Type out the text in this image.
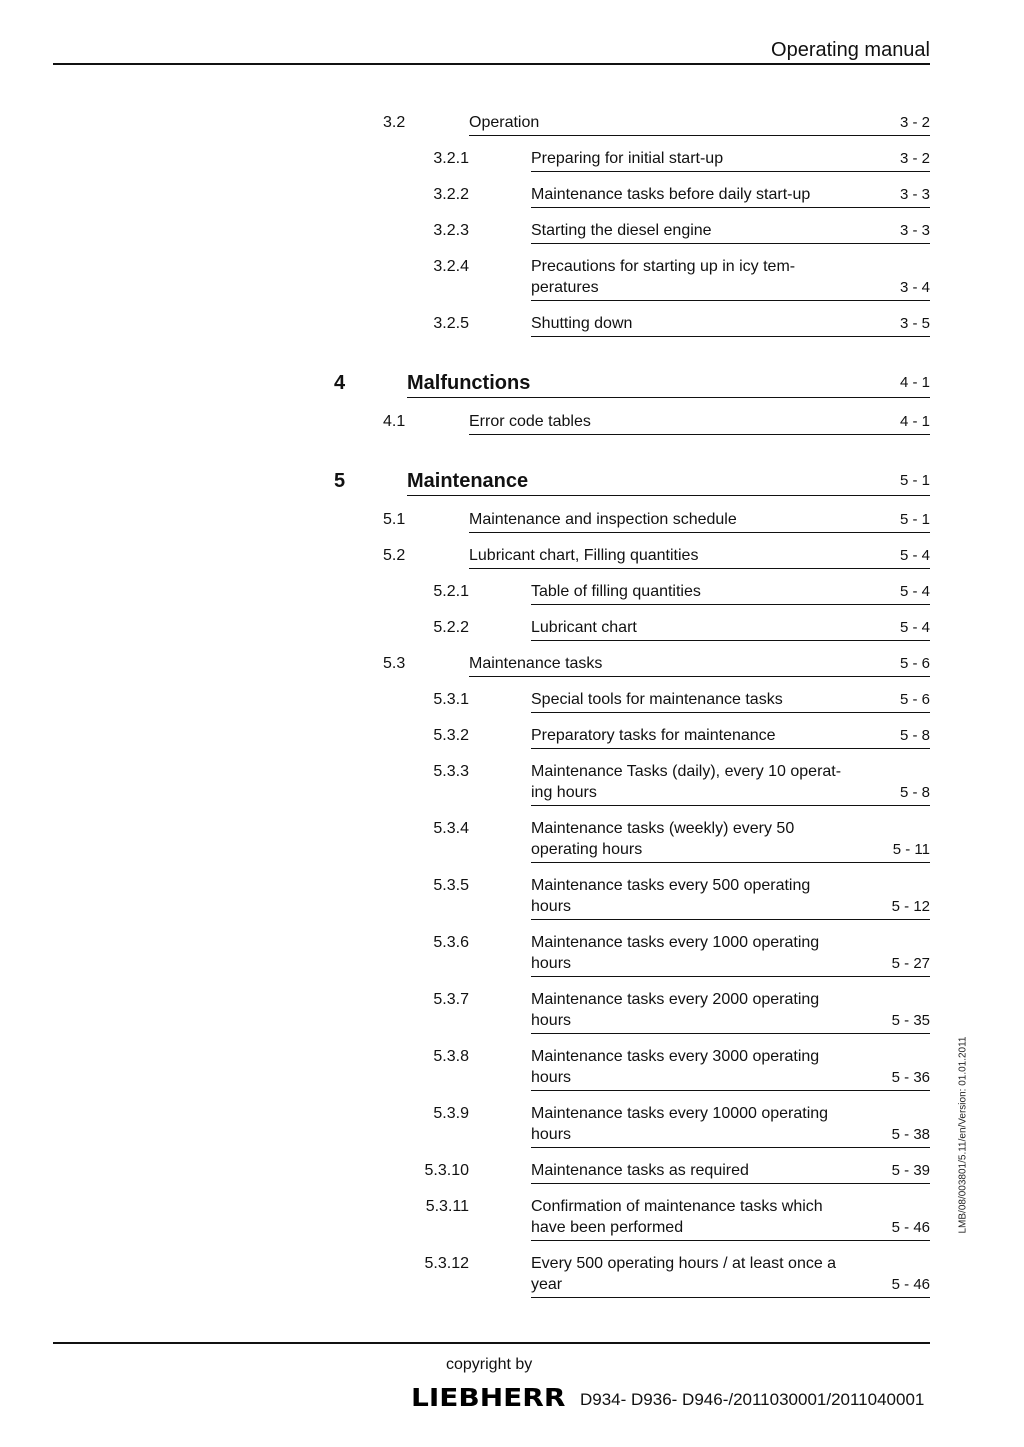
Operating manual
3.2	Operation	3 - 2
3.2.1	Preparing for initial start-up	3 - 2
3.2.2	Maintenance tasks before daily start-up	3 - 3
3.2.3	Starting the diesel engine	3 - 3
3.2.4	Precautions for starting up in icy tem-
peratures	3 - 4
3.2.5	Shutting down	3 - 5
4	Malfunctions	4 - 1
4.1	Error code tables	4 - 1
5	Maintenance	5 - 1
5.1	Maintenance and inspection schedule	5 - 1
5.2	Lubricant chart, Filling quantities	5 - 4
5.2.1	Table of filling quantities	5 - 4
5.2.2	Lubricant chart	5 - 4
5.3	Maintenance tasks	5 - 6
5.3.1	Special tools for maintenance tasks	5 - 6
5.3.2	Preparatory tasks for maintenance	5 - 8
5.3.3	Maintenance Tasks (daily), every 10 operat-
ing hours	5 - 8
5.3.4	Maintenance tasks (weekly) every 50
operating hours	5 - 11
5.3.5	Maintenance tasks every 500 operating
hours	5 - 12
5.3.6	Maintenance tasks every 1000 operating
hours	5 - 27
5.3.7	Maintenance tasks every 2000 operating
hours	5 - 35
5.3.8	Maintenance tasks every 3000 operating
hours	5 - 36
5.3.9	Maintenance tasks every 10000 operating
hours	5 - 38
5.3.10	Maintenance tasks as required	5 - 39
5.3.11	Confirmation of maintenance tasks which
have been performed	5 - 46
5.3.12	Every 500 operating hours / at least once a
year	5 - 46
LMB/08/003801/5.11/en/Version: 01.01.2011
copyright by
LIEBHERR D934- D936- D946-/2011030001/2011040001
